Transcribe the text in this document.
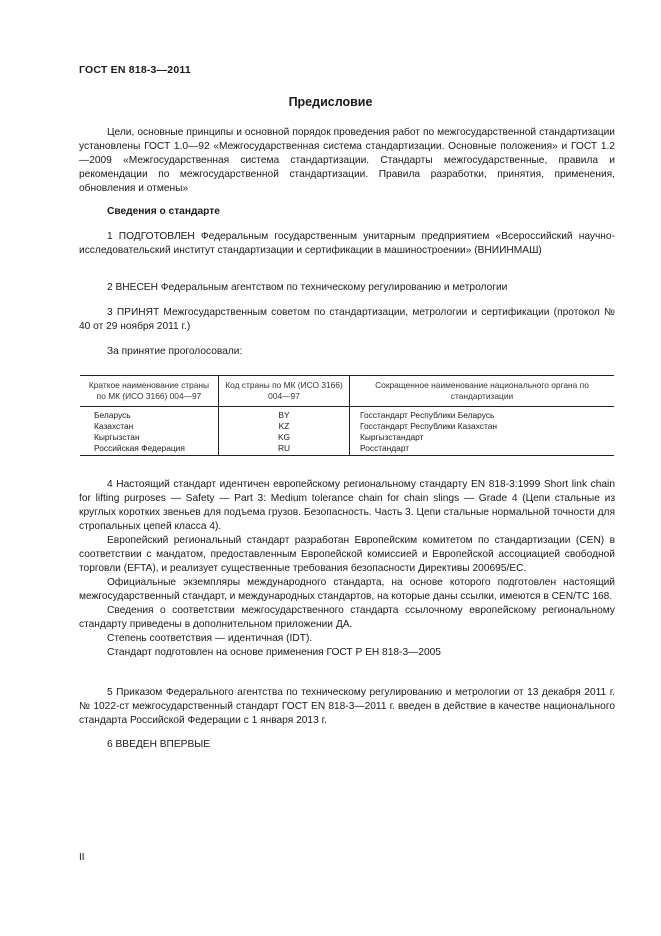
ГОСТ EN 818-3—2011
Предисловие

Цели, основные принципы и основной порядок проведения работ по межгосударственной стандартизации установлены ГОСТ 1.0—92 «Межгосударственная система стандартизации. Основные положения» и ГОСТ 1.2—2009 «Межгосударственная система стандартизации. Стандарты межгосударственные, правила и рекомендации по межгосударственной стандартизации. Правила разработки, принятия, применения, обновления и отмены»

Сведения о стандарте

1 ПОДГОТОВЛЕН Федеральным государственным унитарным предприятием «Всероссийский научно-исследовательский институт стандартизации и сертификации в машиностроении» (ВНИИНМАШ)

2 ВНЕСЕН Федеральным агентством по техническому регулированию и метрологии

3 ПРИНЯТ Межгосударственным советом по стандартизации, метрологии и сертификации (протокол № 40 от 29 ноября 2011 г.)

За принятие проголосовали:

Краткое наименование страны по МК (ИСО 3166) 004—97	Код страны по МК (ИСО 3166) 004—97	Сокращенное наименование национального органа по стандартизации
Беларусь	BY	Госстандарт Республики Беларусь
Казахстан	KZ	Госстандарт Республики Казахстан
Кыргызстан	KG	Кыргызстандарт
Российская Федерация	RU	Росстандарт

4 Настоящий стандарт идентичен европейскому региональному стандарту EN 818-3:1999 Short link chain for lifting purposes — Safety — Part 3: Medium tolerance chain for chain slings — Grade 4 (Цепи стальные из круглых коротких звеньев для подъема грузов. Безопасность. Часть 3. Цепи стальные нормальной точности для стропальных цепей класса 4).

Европейский региональный стандарт разработан Европейским комитетом по стандартизации (CEN) в соответствии с мандатом, предоставленным Европейской комиссией и Европейской ассоциацией свободной торговли (EFTA), и реализует существенные требования безопасности Директивы 200695/ЕС.

Официальные экземпляры международного стандарта, на основе которого подготовлен настоящий межгосударственный стандарт, и международных стандартов, на которые даны ссылки, имеются в CEN/TC 168.

Сведения о соответствии межгосударственного стандарта ссылочному европейскому региональному стандарту приведены в дополнительном приложении ДА.

Степень соответствия — идентичная (IDT).

Стандарт подготовлен на основе применения ГОСТ Р ЕН 818-3—2005

5 Приказом Федерального агентства по техническому регулированию и метрологии от 13 декабря 2011 г. № 1022-ст межгосударственный стандарт ГОСТ EN 818-3—2011 г. введен в действие в качестве национального стандарта Российской Федерации с 1 января 2013 г.

6 ВВЕДЕН ВПЕРВЫЕ

II
